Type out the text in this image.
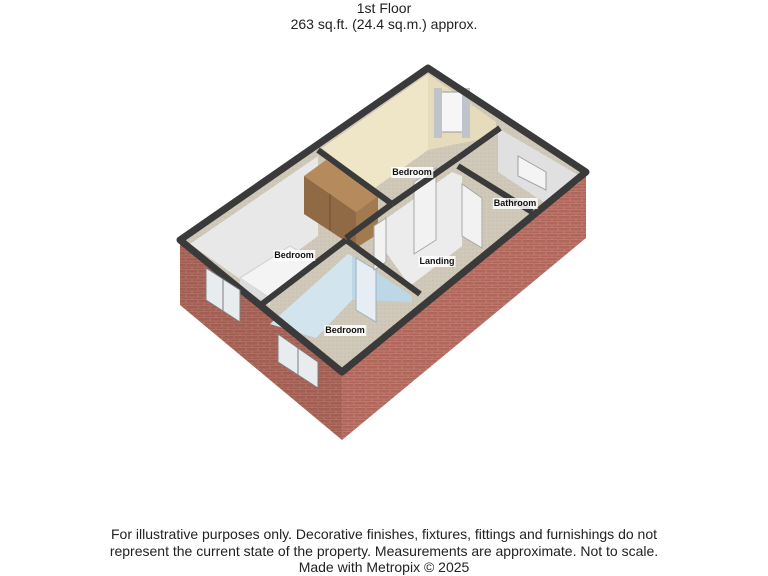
1st Floor
263 sq.ft. (24.4 sq.m.) approx.
Bedroom
Bedroom
Bedroom
Landing
Bathroom
For illustrative purposes only. Decorative finishes, fixtures, fittings and furnishings do not
represent the current state of the property. Measurements are approximate. Not to scale.
Made with Metropix © 2025
